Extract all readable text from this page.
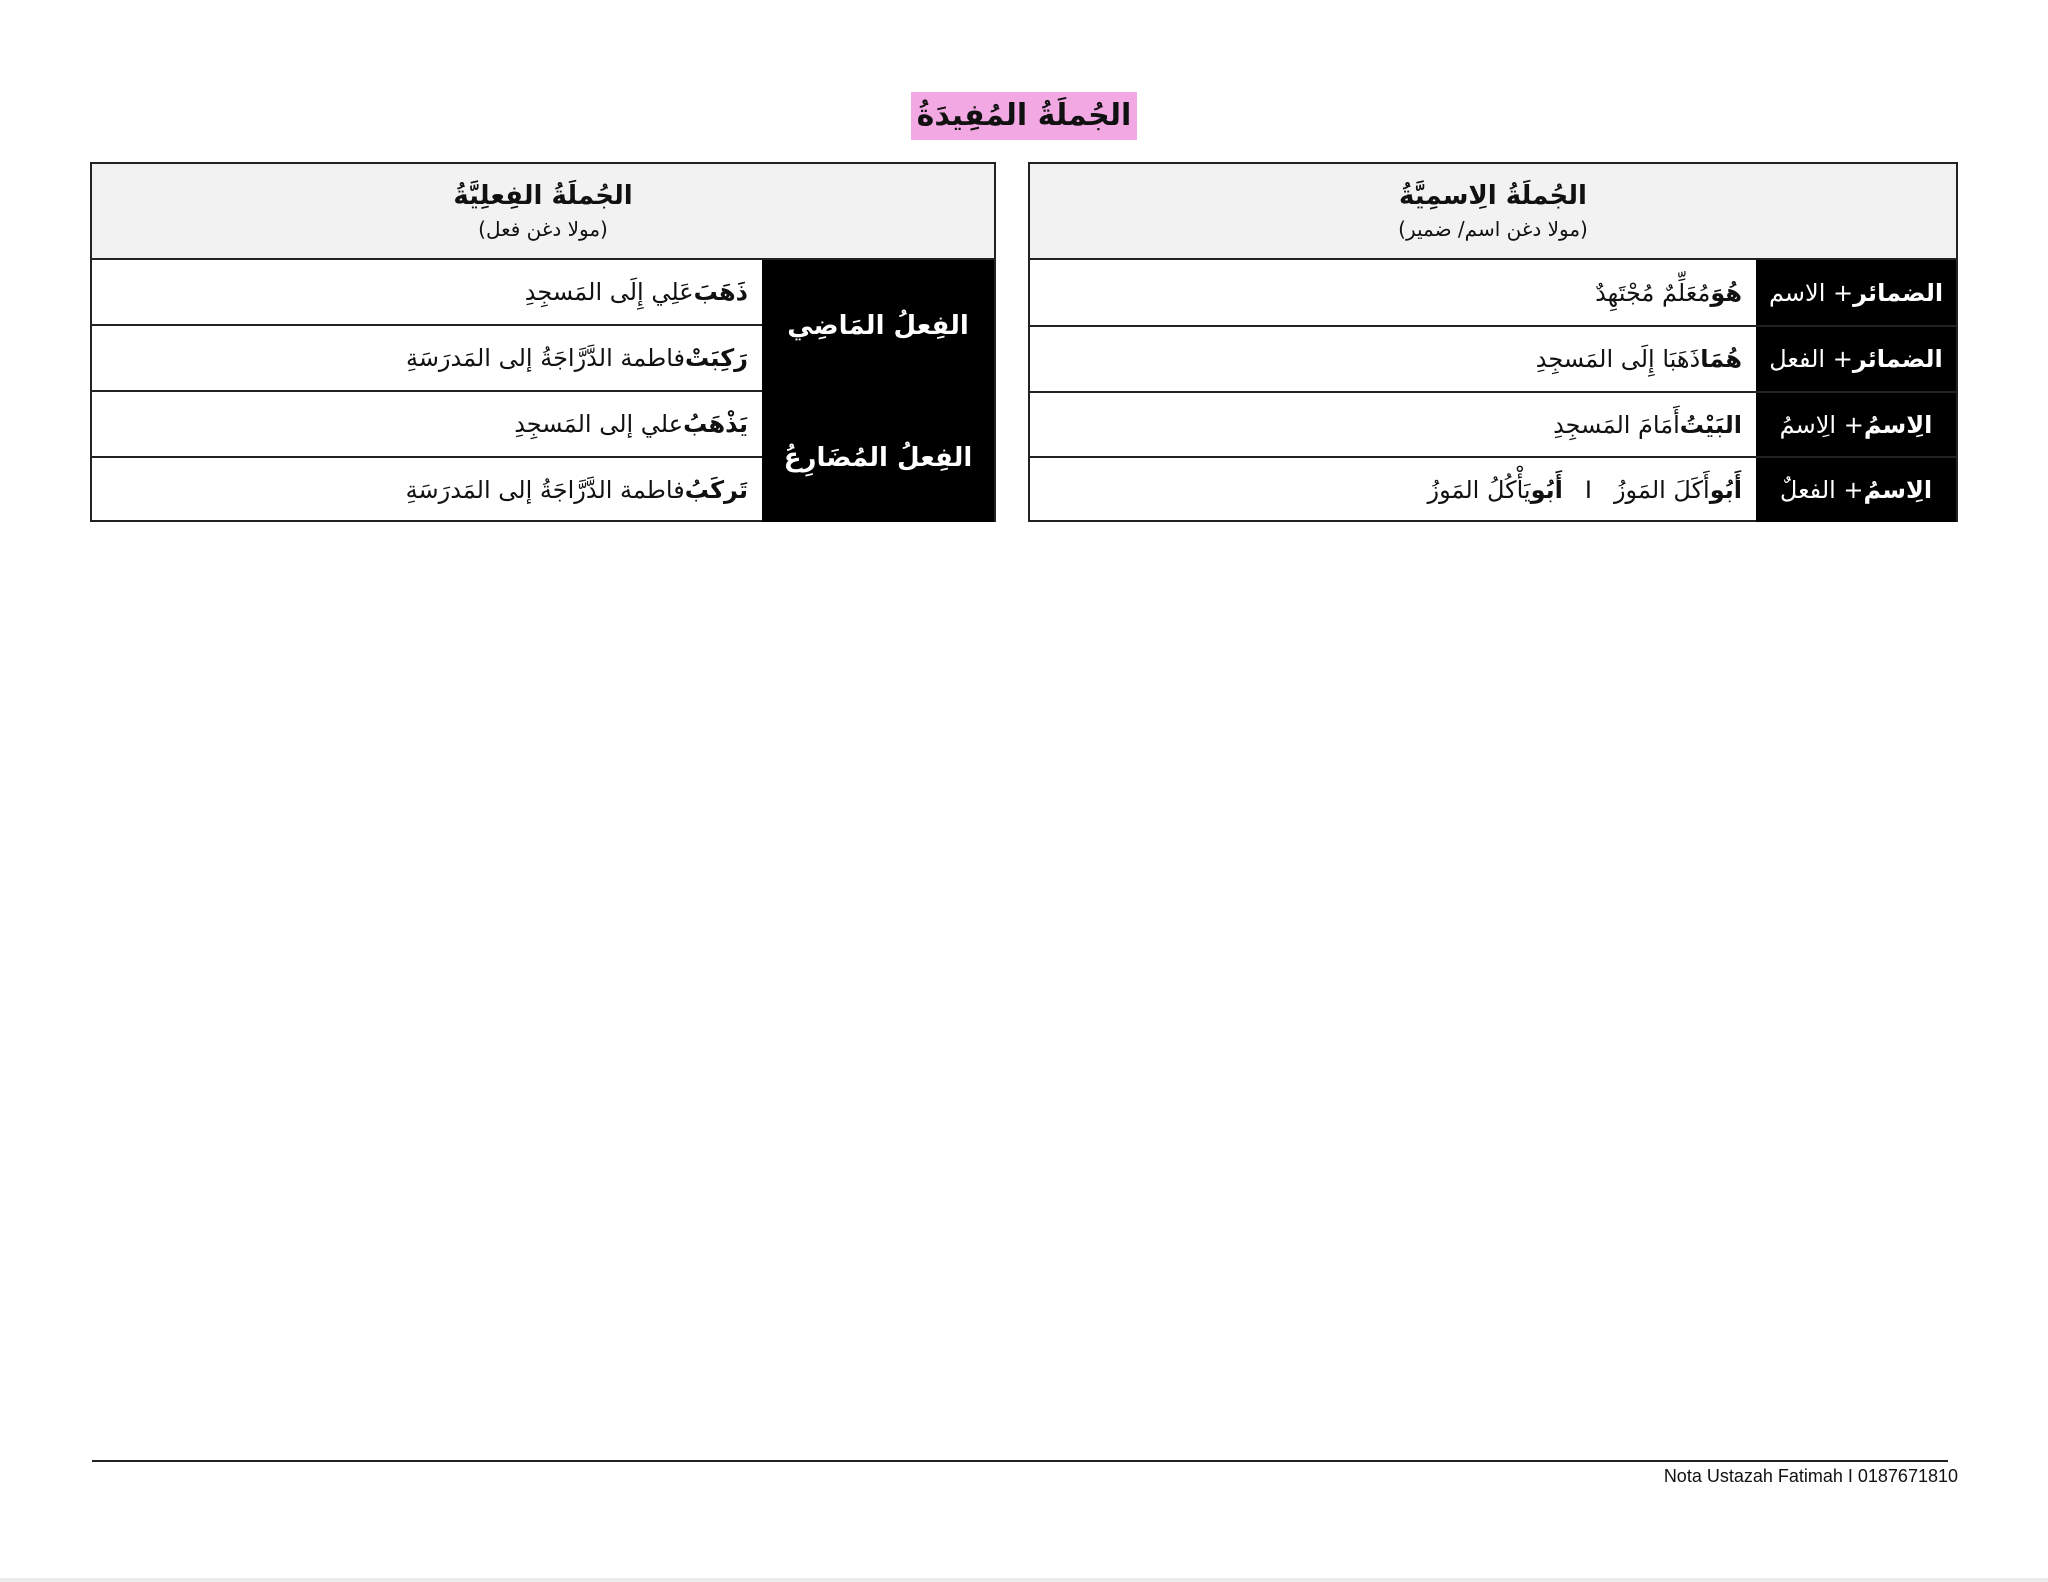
الجُملَةُ المُفِيدَةُ
الجُملَةُ الِاسمِيَّةُ
(مولا دغن اسم/ ضمير)
الضمائر
+ الاسم
هُوَ
مُعَلِّمٌ مُجْتَهِدٌ
الضمائر
+ الفعل
هُمَا
ذَهَبَا إِلَى المَسجِدِ
الِاسمُ
+ الِاسمُ
البَيْتُ
أَمَامَ المَسجِدِ
الِاسمُ
+ الفعلٌ
أَبُو
أَكَلَ المَوزُ
I
أَبُو
يَأْكُلُ المَوزُ
الجُملَةُ الفِعلِيَّةُ
(مولا دغن فعل)
الفِعلُ المَاضِي
الفِعلُ المُضَارِعُ
ذَهَبَ
عَلِي إِلَى المَسجِدِ
رَكِبَتْ
فاطمة الدَّرَّاجَةُ إلى المَدرَسَةِ
يَذْهَبُ
علي إلى المَسجِدِ
تَركَبُ
فاطمة الدَّرَّاجَةُ إلى المَدرَسَةِ
Nota Ustazah Fatimah I 0187671810
